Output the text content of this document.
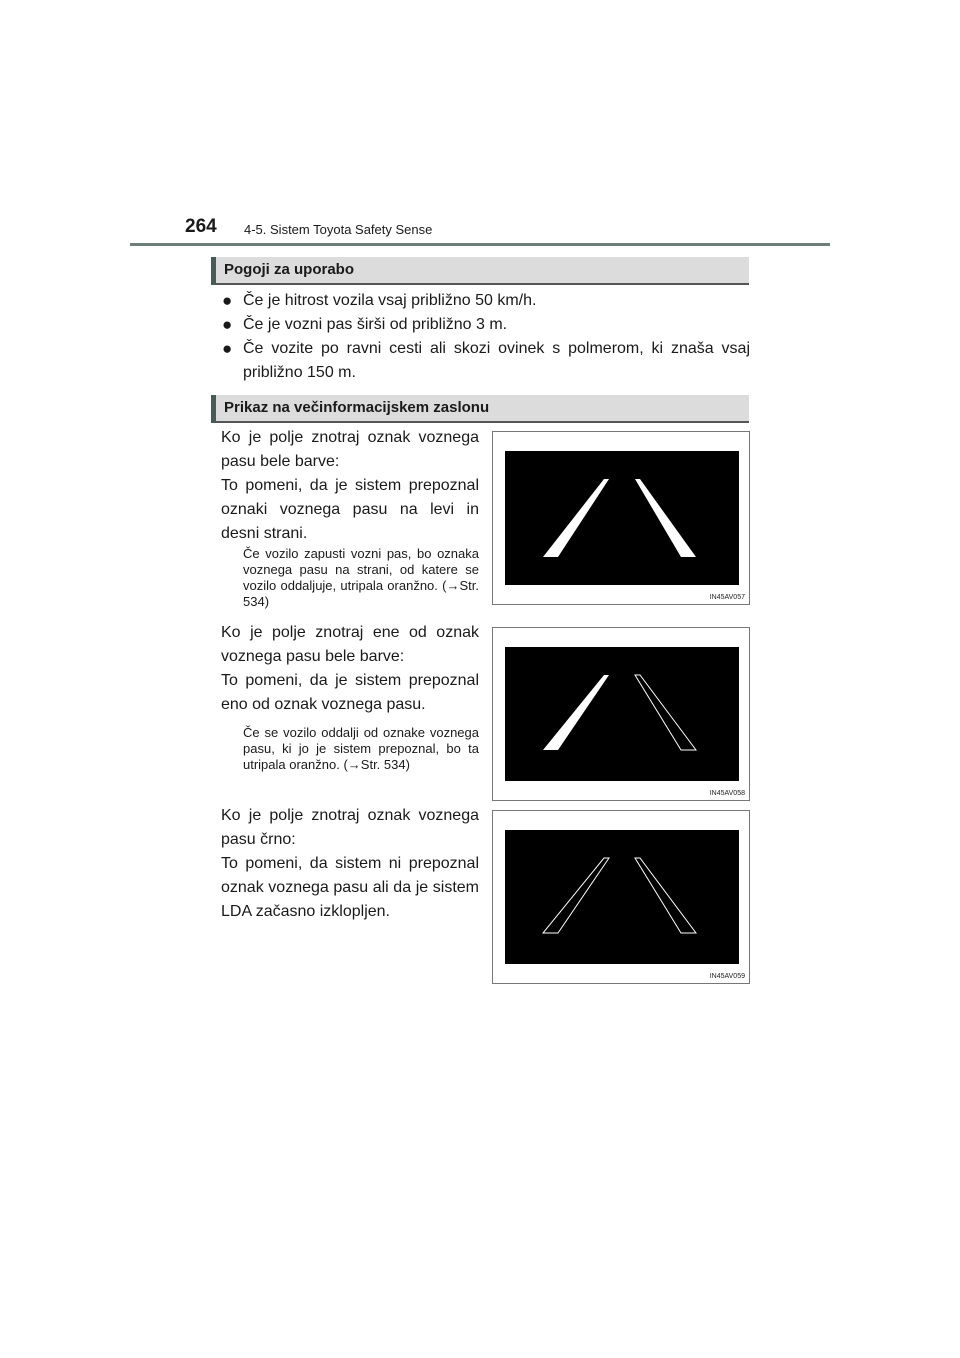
264 4-5. Sistem Toyota Safety Sense
Pogoji za uporabo
● Če je hitrost vozila vsaj približno 50 km/h.
● Če je vozni pas širši od približno 3 m.
● Če vozite po ravni cesti ali skozi ovinek s polmerom, ki znaša vsaj približno 150 m.
Prikaz na večinformacijskem zaslonu
Ko je polje znotraj oznak voznega pasu bele barve:
To pomeni, da je sistem prepoznal oznaki voznega pasu na levi in desni strani.
Če vozilo zapusti vozni pas, bo oznaka voznega pasu na strani, od katere se vozilo oddaljuje, utripala oranžno. (→Str. 534)	IN45AV057
Ko je polje znotraj ene od oznak voznega pasu bele barve:
To pomeni, da je sistem prepoznal eno od oznak voznega pasu.
Če se vozilo oddalji od oznake voznega pasu, ki jo je sistem prepoznal, bo ta utripala oranžno. (→Str. 534)
IN45AV058
Ko je polje znotraj oznak voznega pasu črno:
To pomeni, da sistem ni prepoznal oznak voznega pasu ali da je sistem LDA začasno izklopljen.
IN45AV059
